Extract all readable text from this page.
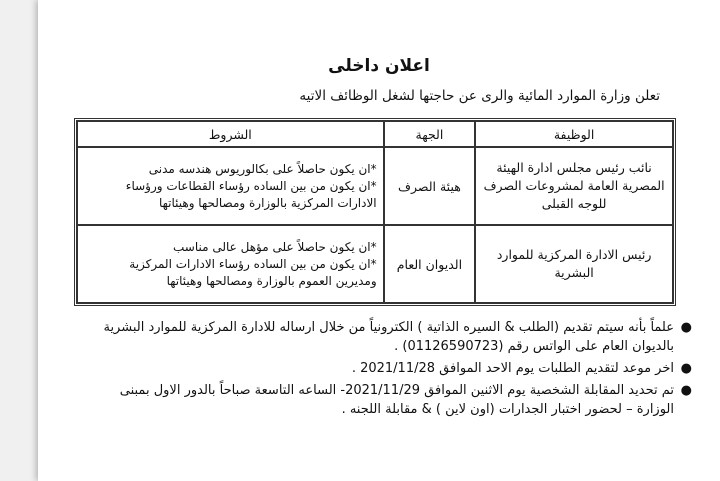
اعلان داخلى
تعلن وزارة الموارد المائية والرى عن حاجتها لشغل الوظائف الاتيه
الوظيفة	الجهة	الشروط
نائب رئيس مجلس ادارة الهيئة المصرية العامة لمشروعات الصرف للوجه القبلى	هيئة الصرف	*ان يكون حاصلاً على بكالوريوس هندسه مدنى
*ان يكون من بين الساده رؤساء القطاعات ورؤساء
الادارات المركزية بالوزارة ومصالحها وهيئاتها

رئيس الادارة المركزية للموارد البشرية	الديوان العام	*ان يكون حاصلاً على مؤهل عالى مناسب
*ان يكون من بين الساده رؤساء الادارات المركزية
ومديرين العموم بالوزارة ومصالحها وهيئاتها
●
علماً بأنه سيتم تقديم (الطلب & السيره الذاتية ) الكترونياً من خلال ارساله للادارة المركزية للموارد البشرية بالديوان العام على الواتس رقم (01126590723) .
●
اخر موعد لتقديم الطلبات يوم الاحد الموافق 2021/11/28 .
●
تم تحديد المقابلة الشخصية يوم الاثنين الموافق 2021/11/29- الساعه التاسعة صباحاً بالدور الاول بمبنى الوزارة – لحضور اختبار الجدارات (اون لاين ) & مقابلة اللجنه .
